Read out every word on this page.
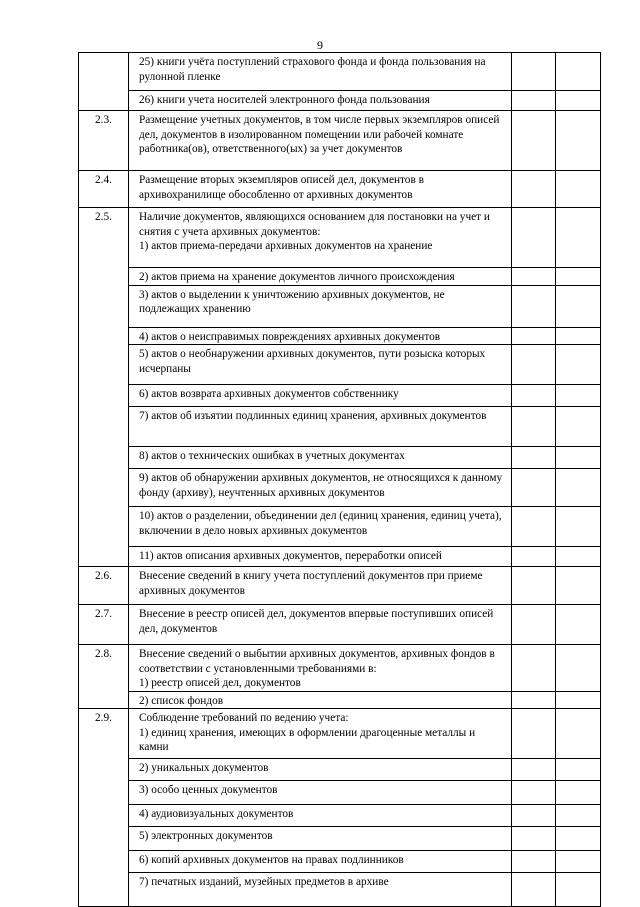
9
	25) книги учёта поступлений страхового фонда и фонда пользования на рулонной пленке		
	26) книги учета носителей электронного фонда пользования		
2.3.	Размещение учетных документов, в том числе первых экземпляров описей дел, документов в изолированном помещении или рабочей комнате работника(ов), ответственного(ых) за учет документов		
2.4.	Размещение вторых экземпляров описей дел, документов в архивохранилище обособленно от архивных документов		
2.5.	Наличие документов, являющихся основанием для постановки на учет и снятия с учета архивных документов:
1) актов приема-передачи архивных документов на хранение		
	2) актов приема на хранение документов личного происхождения		
	3) актов о выделении к уничтожению архивных документов, не подлежащих хранению		
	4) актов о неисправимых повреждениях архивных документов		
	5) актов о необнаружении архивных документов, пути розыска которых исчерпаны		
	6) актов возврата архивных документов собственнику		
	7) актов об изъятии подлинных единиц хранения, архивных документов		
	8) актов о технических ошибках в учетных документах		
	9) актов об обнаружении архивных документов, не относящихся к данному фонду (архиву), неучтенных архивных документов		
	10) актов о разделении, объединении дел (единиц хранения, единиц учета), включении в дело новых архивных документов		
	11) актов описания архивных документов, переработки описей		
2.6.	Внесение сведений в книгу учета поступлений документов при приеме архивных документов		
2.7.	Внесение в реестр описей дел, документов впервые поступивших описей дел, документов		
2.8.	Внесение сведений о выбытии архивных документов, архивных фондов в соответствии с установленными требованиями в:
1) реестр описей дел, документов		
	2) список фондов		
2.9.	Соблюдение требований по ведению учета:
1) единиц хранения, имеющих в оформлении драгоценные металлы и камни		
	2) уникальных документов		
	3) особо ценных документов		
	4) аудиовизуальных документов		
	5) электронных документов		
	6) копий архивных документов на правах подлинников		
	7) печатных изданий, музейных предметов в архиве		
